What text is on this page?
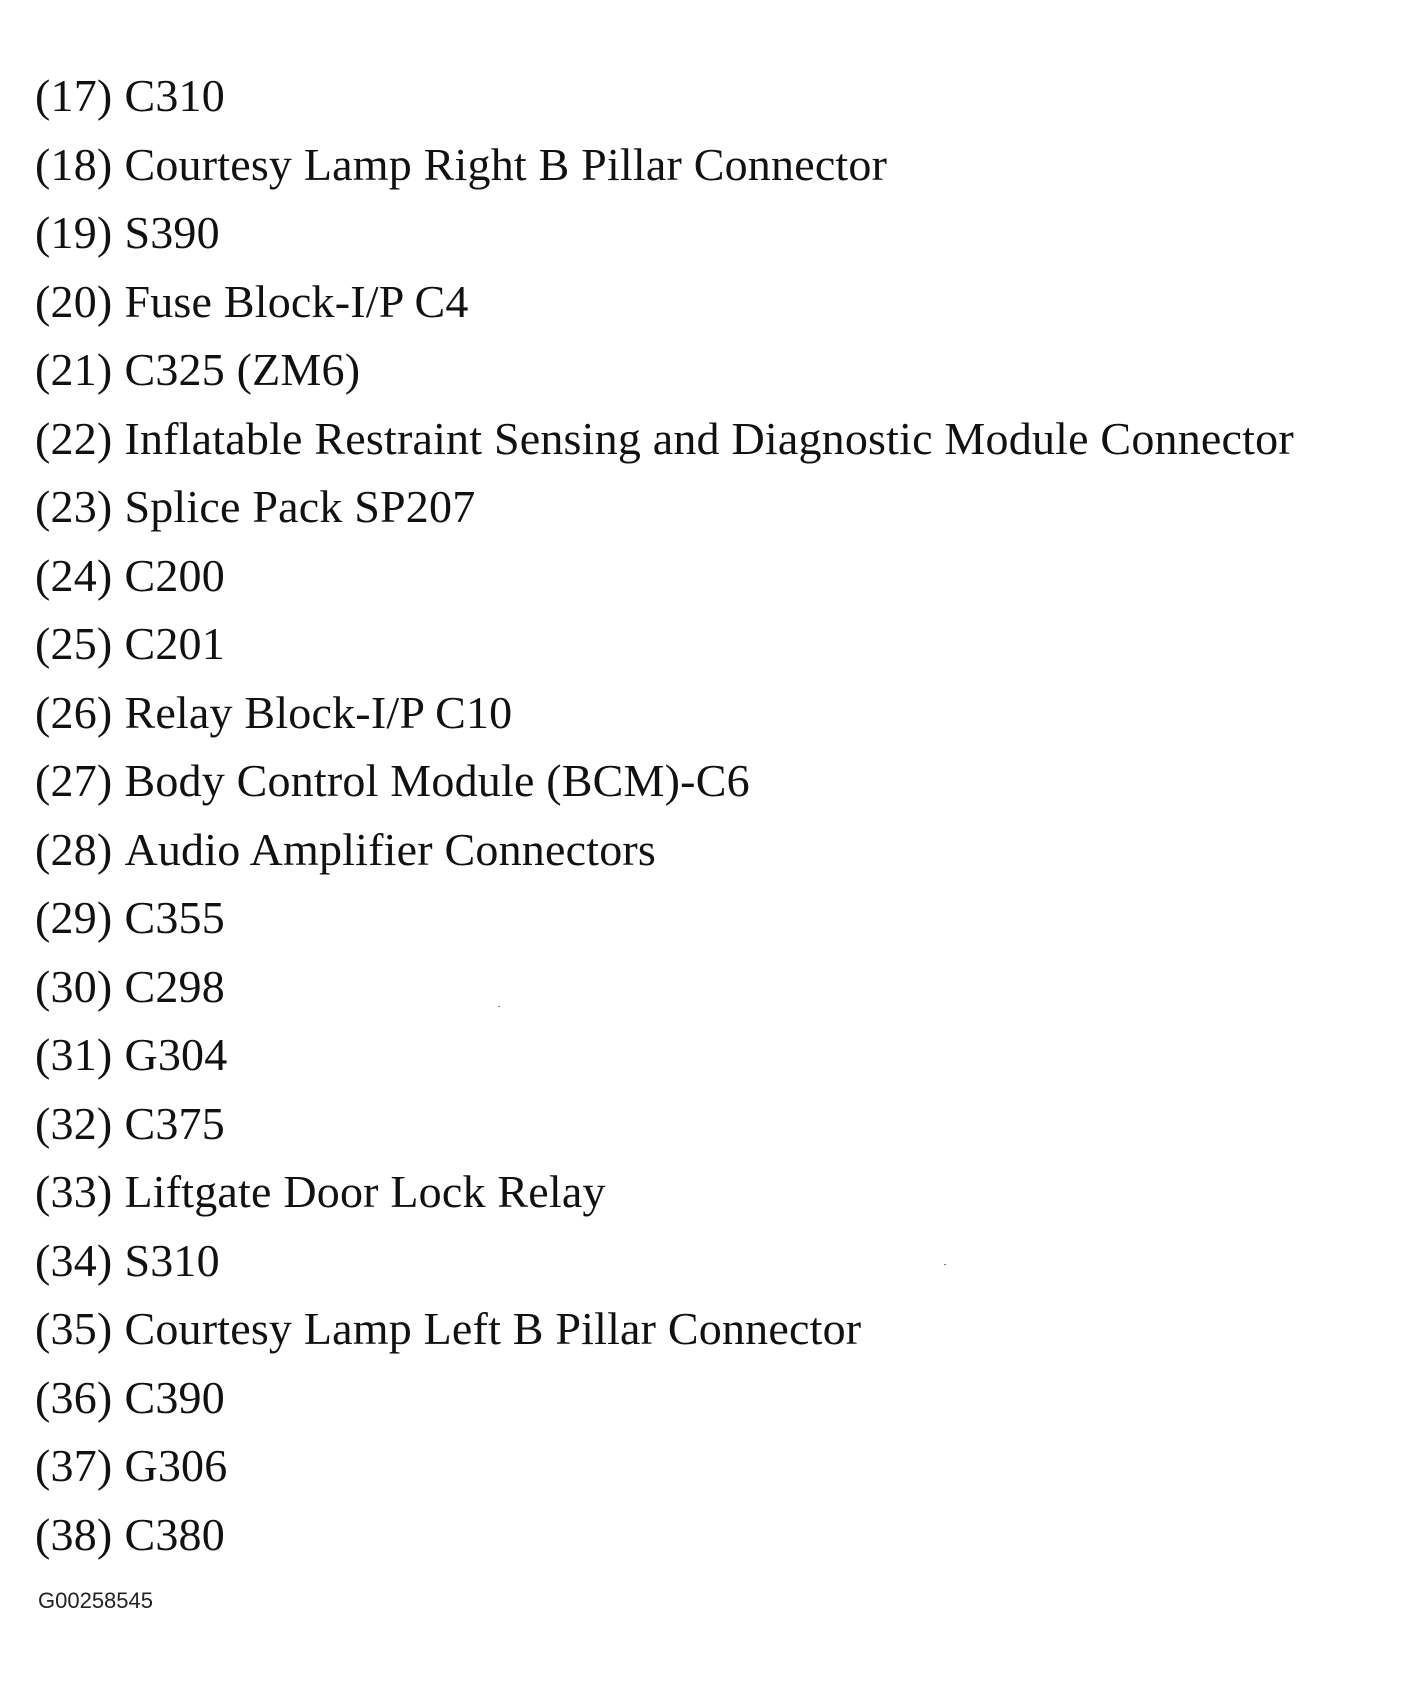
(17) C310
(18) Courtesy Lamp Right B Pillar Connector
(19) S390
(20) Fuse Block-I/P C4
(21) C325 (ZM6)
(22) Inflatable Restraint Sensing and Diagnostic Module Connector
(23) Splice Pack SP207
(24) C200
(25) C201
(26) Relay Block-I/P C10
(27) Body Control Module (BCM)-C6
(28) Audio Amplifier Connectors
(29) C355
(30) C298
(31) G304
(32) C375
(33) Liftgate Door Lock Relay
(34) S310
(35) Courtesy Lamp Left B Pillar Connector
(36) C390
(37) G306
(38) C380
G00258545
